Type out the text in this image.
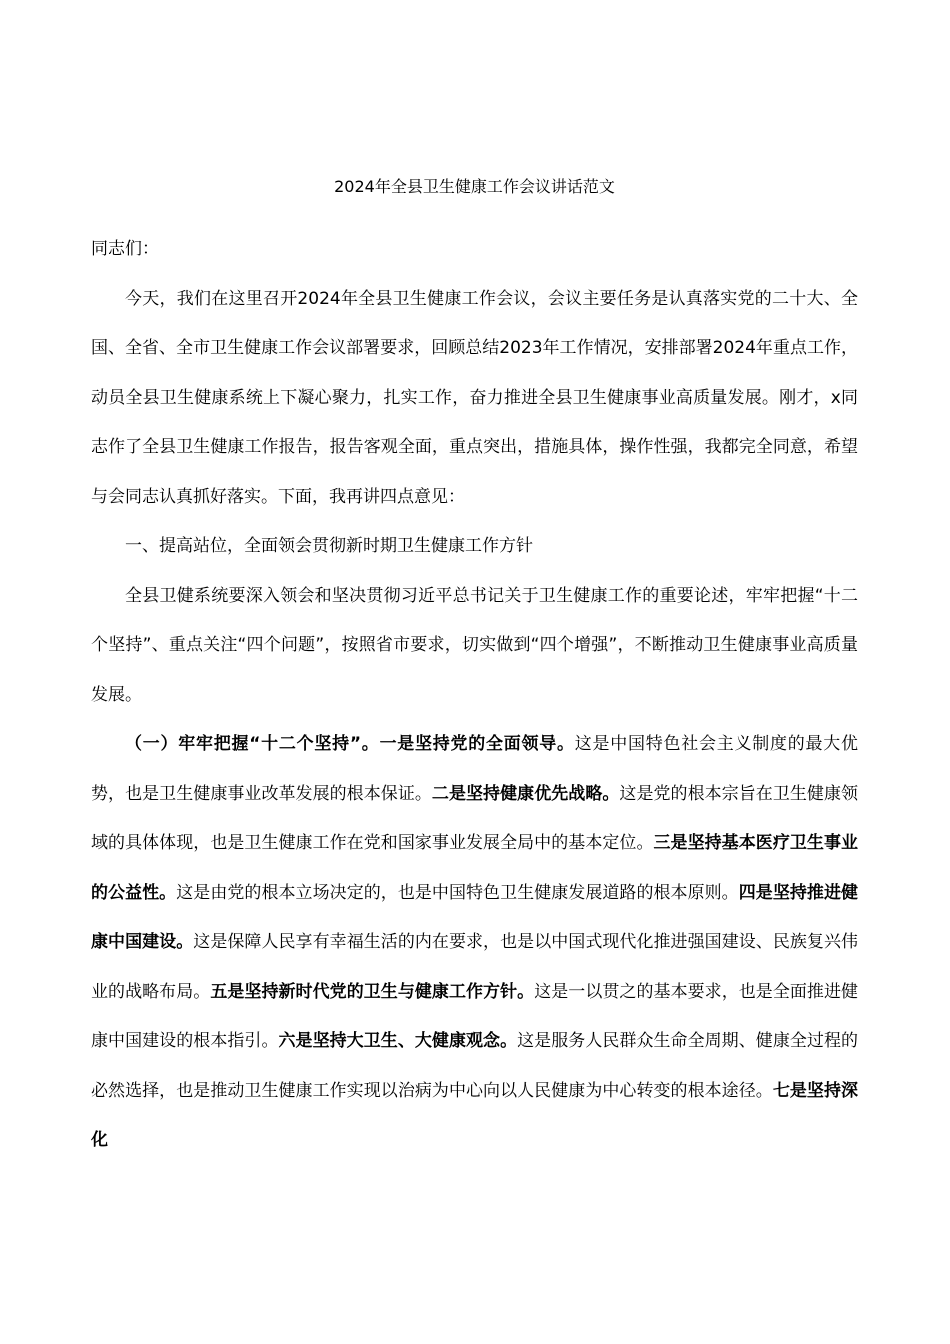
2024年全县卫生健康工作会议讲话范文

同志们：

今天，我们在这里召开2024年全县卫生健康工作会议，会议主要任务是认真落实党的二十大、全国、全省、全市卫生健康工作会议部署要求，回顾总结2023年工作情况，安排部署2024年重点工作，动员全县卫生健康系统上下凝心聚力，扎实工作，奋力推进全县卫生健康事业高质量发展。刚才，x同志作了全县卫生健康工作报告，报告客观全面，重点突出，措施具体，操作性强，我都完全同意，希望与会同志认真抓好落实。下面，我再讲四点意见：

一、提高站位，全面领会贯彻新时期卫生健康工作方针

全县卫健系统要深入领会和坚决贯彻习近平总书记关于卫生健康工作的重要论述，牢牢把握“十二个坚持”、重点关注“四个问题”，按照省市要求，切实做到“四个增强”，不断推动卫生健康事业高质量发展。

（一）牢牢把握“十二个坚持”。一是坚持党的全面领导。这是中国特色社会主义制度的最大优势，也是卫生健康事业改革发展的根本保证。二是坚持健康优先战略。这是党的根本宗旨在卫生健康领域的具体体现，也是卫生健康工作在党和国家事业发展全局中的基本定位。三是坚持基本医疗卫生事业的公益性。这是由党的根本立场决定的，也是中国特色卫生健康发展道路的根本原则。四是坚持推进健康中国建设。这是保障人民享有幸福生活的内在要求，也是以中国式现代化推进强国建设、民族复兴伟业的战略布局。五是坚持新时代党的卫生与健康工作方针。这是一以贯之的基本要求，也是全面推进健康中国建设的根本指引。六是坚持大卫生、大健康观念。这是服务人民群众生命全周期、健康全过程的必然选择，也是推动卫生健康工作实现以治病为中心向以人民健康为中心转变的根本途径。七是坚持深化
